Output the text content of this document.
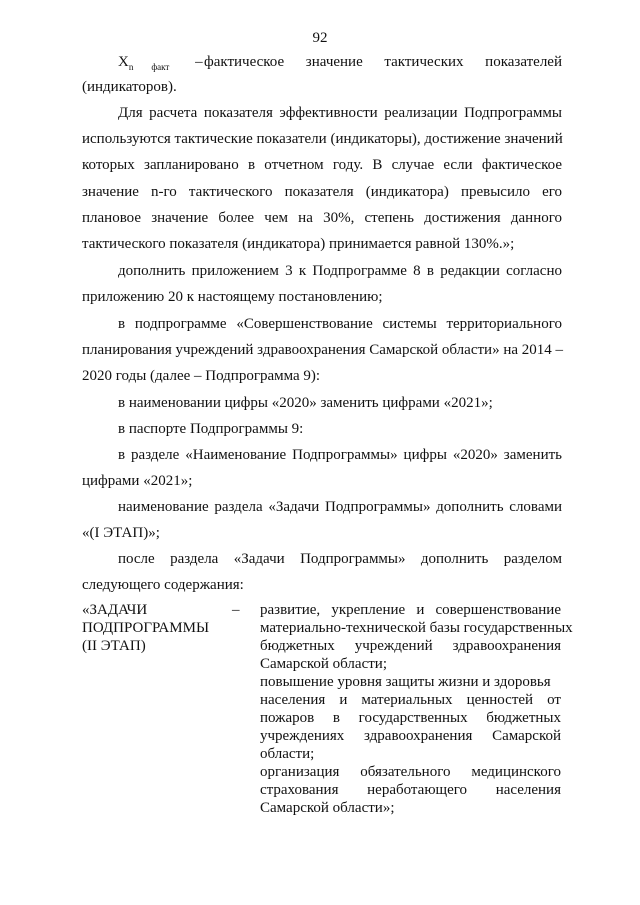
92
$X_n$ $_{факт}$ – фактическое значение тактических показателей
(индикаторов).
Для расчета показателя эффективности реализации Подпрограммы
используются тактические показатели (индикаторы), достижение значений
которых запланировано в отчетном году. В случае если фактическое
значение n-го тактического показателя (индикатора) превысило его
плановое значение более чем на 30%, степень достижения данного
тактического показателя (индикатора) принимается равной 130%.»;
дополнить приложением 3 к Подпрограмме 8 в редакции согласно
приложению 20 к настоящему постановлению;
в подпрограмме «Совершенствование системы территориального
планирования учреждений здравоохранения Самарской области» на 2014 –
2020 годы (далее – Подпрограмма 9):
в наименовании цифры «2020» заменить цифрами «2021»;
в паспорте Подпрограммы 9:
в разделе «Наименование Подпрограммы» цифры «2020» заменить
цифрами «2021»;
наименование раздела «Задачи Подпрограммы» дополнить словами
«(I ЭТАП)»;
после раздела «Задачи Подпрограммы» дополнить разделом
следующего содержания:
«ЗАДАЧИ
ПОДПРОГРАММЫ
(II ЭТАП)
– развитие, укрепление и совершенствование
материально-технической базы государственных
бюджетных учреждений здравоохранения
Самарской области;
повышение уровня защиты жизни и здоровья
населения и материальных ценностей от
пожаров в государственных бюджетных
учреждениях здравоохранения Самарской
области;
организация обязательного медицинского
страхования неработающего населения
Самарской области»;
